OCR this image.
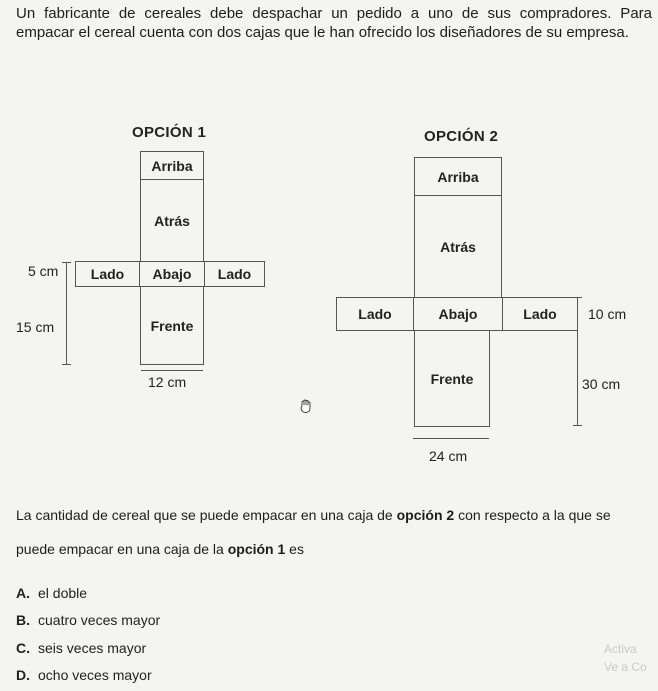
Un fabricante de cereales debe despachar un pedido a uno de sus compradores. Para empacar el cereal cuenta con dos cajas que le han ofrecido los diseñadores de su empresa.
OPCIÓN 1
Arriba
Atrás
Lado	Abajo	Lado
Frente
5 cm
15 cm
12 cm
OPCIÓN 2
Arriba
Atrás
Lado	Abajo	Lado
Frente
10 cm
30 cm
24 cm
La cantidad de cereal que se puede empacar en una caja de opción 2 con respecto a la que se puede empacar en una caja de la opción 1 es
A. el doble
B. cuatro veces mayor
C. seis veces mayor
D. ocho veces mayor
Activa
Ve a Co
